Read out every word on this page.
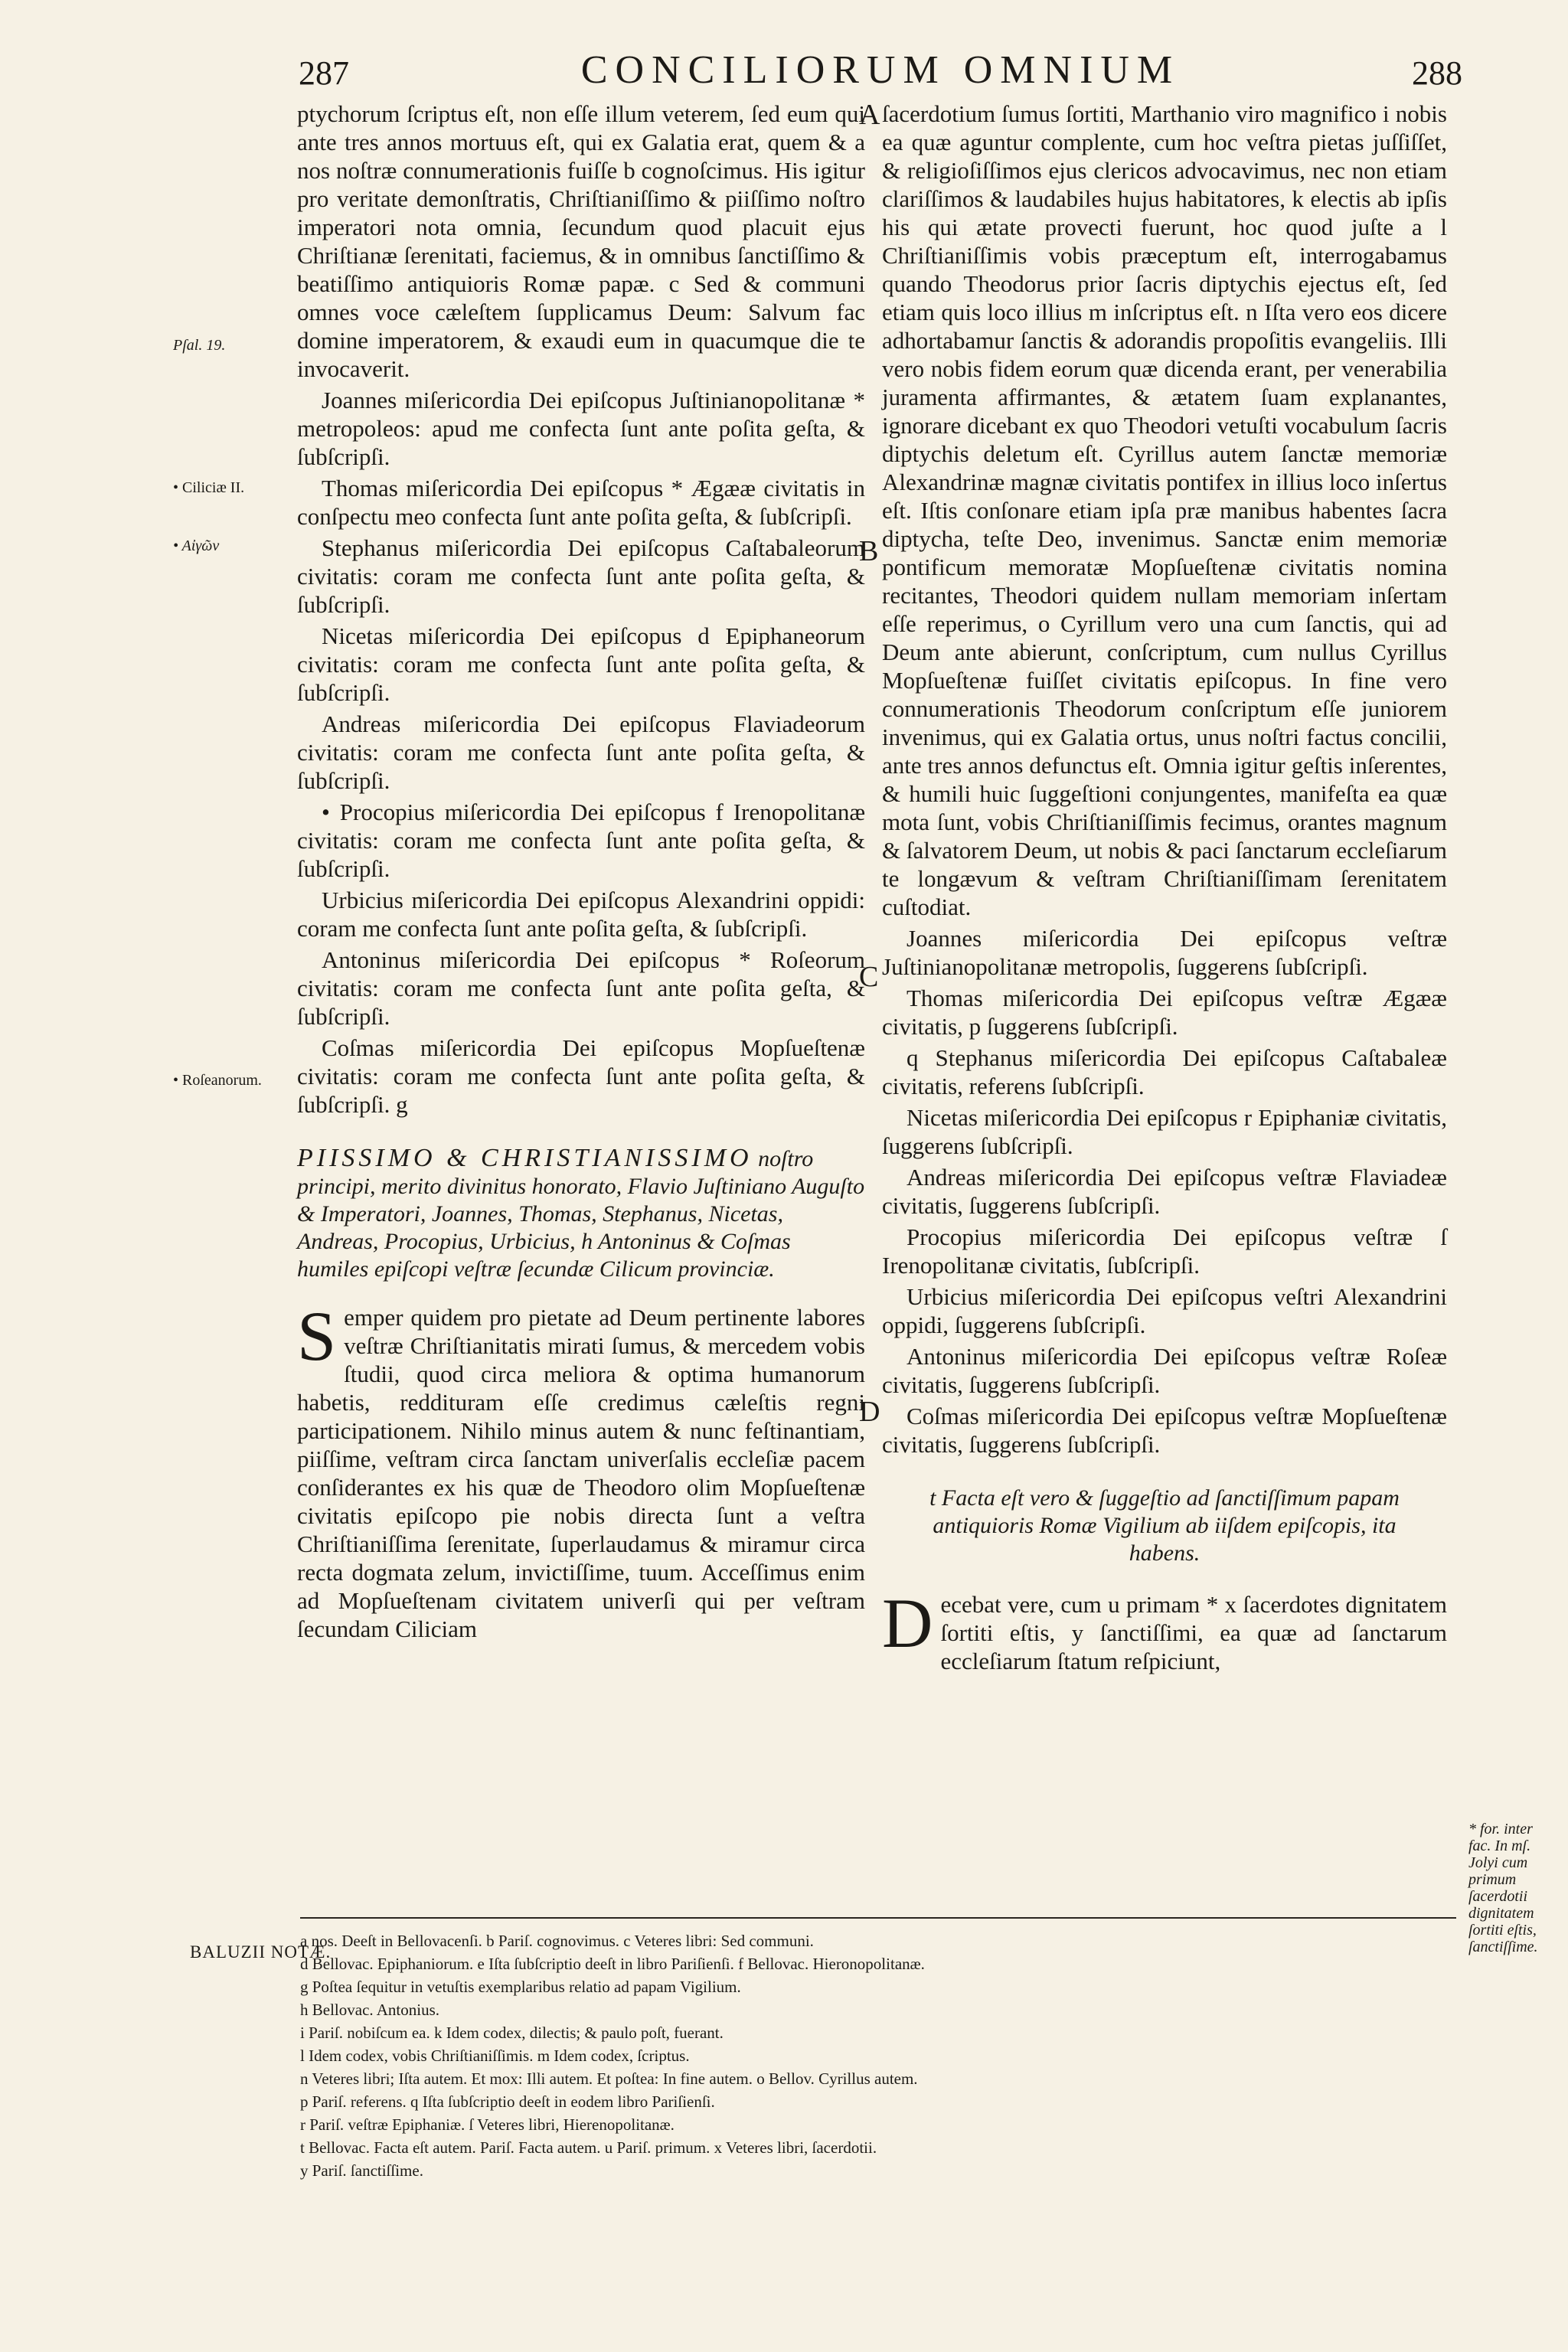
287	CONCILIORUM OMNIUM	288
A
B
C
D
Pſal. 19.
• Ciliciæ II.
• Αἰγῶν
• Roſeanorum.
* for. inter fac. In mſ. Jolyi cum primum ſacerdotii dignitatem ſortiti eſtis, ſanctiſſime.

ptychorum ſcriptus eſt, non eſſe illum veterem, ſed eum qui ante tres annos mortuus eſt, qui ex Galatia erat, quem & a nos noſtræ connumerationis fuiſſe b cognoſcimus. His igitur pro veritate demonſtratis, Chriſtianiſſimo & piiſſimo noſtro imperatori nota omnia, ſecundum quod placuit ejus Chriſtianæ ſerenitati, faciemus, & in omnibus ſanctiſſimo & beatiſſimo antiquioris Romæ papæ. c Sed & communi omnes voce cæleſtem ſupplicamus Deum: Salvum fac domine imperatorem, & exaudi eum in quacumque die te invocaverit.

Joannes miſericordia Dei epiſcopus Juſtinianopolitanæ * metropoleos: apud me confecta ſunt ante poſita geſta, & ſubſcripſi.

Thomas miſericordia Dei epiſcopus * Ægææ civitatis in conſpectu meo confecta ſunt ante poſita geſta, & ſubſcripſi.

Stephanus miſericordia Dei epiſcopus Caſtabaleorum civitatis: coram me confecta ſunt ante poſita geſta, & ſubſcripſi.

Nicetas miſericordia Dei epiſcopus d Epiphaneorum civitatis: coram me confecta ſunt ante poſita geſta, & ſubſcripſi.

Andreas miſericordia Dei epiſcopus Flaviadeorum civitatis: coram me confecta ſunt ante poſita geſta, & ſubſcripſi.

• Procopius miſericordia Dei epiſcopus f Irenopolitanæ civitatis: coram me confecta ſunt ante poſita geſta, & ſubſcripſi.

Urbicius miſericordia Dei epiſcopus Alexandrini oppidi: coram me confecta ſunt ante poſita geſta, & ſubſcripſi.

Antoninus miſericordia Dei epiſcopus * Roſeorum civitatis: coram me confecta ſunt ante poſita geſta, & ſubſcripſi.

Coſmas miſericordia Dei epiſcopus Mopſueſtenæ civitatis: coram me confecta ſunt ante poſita geſta, & ſubſcripſi. g

PIISSIMO & CHRISTIANISSIMO noſtro principi, merito divinitus honorato, Flavio Juſtiniano Auguſto & Imperatori, Joannes, Thomas, Stephanus, Nicetas, Andreas, Procopius, Urbicius, h Antoninus & Coſmas humiles epiſcopi veſtræ ſecundæ Cilicum provinciæ.

Semper quidem pro pietate ad Deum pertinente labores veſtræ Chriſtianitatis mirati ſumus, & mercedem vobis ſtudii, quod circa meliora & optima humanorum habetis, reddituram eſſe credimus cæleſtis regni participationem. Nihilo minus autem & nunc feſtinantiam, piiſſime, veſtram circa ſanctam univerſalis eccleſiæ pacem conſiderantes ex his quæ de Theodoro olim Mopſueſtenæ civitatis epiſcopo pie nobis directa ſunt a veſtra Chriſtianiſſima ſerenitate, ſuperlaudamus & miramur circa recta dogmata zelum, invictiſſime, tuum. Acceſſimus enim ad Mopſueſtenam civitatem univerſi qui per veſtram ſecundam Ciliciam

ſacerdotium ſumus ſortiti, Marthanio viro magnifico i nobis ea quæ aguntur complente, cum hoc veſtra pietas juſſiſſet, & religioſiſſimos ejus clericos advocavimus, nec non etiam clariſſimos & laudabiles hujus habitatores, k electis ab ipſis his qui ætate provecti fuerunt, hoc quod juſte a l Chriſtianiſſimis vobis præceptum eſt, interrogabamus quando Theodorus prior ſacris diptychis ejectus eſt, ſed etiam quis loco illius m inſcriptus eſt. n Iſta vero eos dicere adhortabamur ſanctis & adorandis propoſitis evangeliis. Illi vero nobis fidem eorum quæ dicenda erant, per venerabilia juramenta affirmantes, & ætatem ſuam explanantes, ignorare dicebant ex quo Theodori vetuſti vocabulum ſacris diptychis deletum eſt. Cyrillus autem ſanctæ memoriæ Alexandrinæ magnæ civitatis pontifex in illius loco inſertus eſt. Iſtis conſonare etiam ipſa præ manibus habentes ſacra diptycha, teſte Deo, invenimus. Sanctæ enim memoriæ pontificum memoratæ Mopſueſtenæ civitatis nomina recitantes, Theodori quidem nullam memoriam inſertam eſſe reperimus, o Cyrillum vero una cum ſanctis, qui ad Deum ante abierunt, conſcriptum, cum nullus Cyrillus Mopſueſtenæ fuiſſet civitatis epiſcopus. In fine vero connumerationis Theodorum conſcriptum eſſe juniorem invenimus, qui ex Galatia ortus, unus noſtri factus concilii, ante tres annos defunctus eſt. Omnia igitur geſtis inſerentes, & humili huic ſuggeſtioni conjungentes, manifeſta ea quæ mota ſunt, vobis Chriſtianiſſimis fecimus, orantes magnum & ſalvatorem Deum, ut nobis & paci ſanctarum eccleſiarum te longævum & veſtram Chriſtianiſſimam ſerenitatem cuſtodiat.

Joannes miſericordia Dei epiſcopus veſtræ Juſtinianopolitanæ metropolis, ſuggerens ſubſcripſi.

Thomas miſericordia Dei epiſcopus veſtræ Ægææ civitatis, p ſuggerens ſubſcripſi.

q Stephanus miſericordia Dei epiſcopus Caſtabaleæ civitatis, referens ſubſcripſi.

Nicetas miſericordia Dei epiſcopus r Epiphaniæ civitatis, ſuggerens ſubſcripſi.

Andreas miſericordia Dei epiſcopus veſtræ Flaviadeæ civitatis, ſuggerens ſubſcripſi.

Procopius miſericordia Dei epiſcopus veſtræ ſ Irenopolitanæ civitatis, ſubſcripſi.

Urbicius miſericordia Dei epiſcopus veſtri Alexandrini oppidi, ſuggerens ſubſcripſi.

Antoninus miſericordia Dei epiſcopus veſtræ Roſeæ civitatis, ſuggerens ſubſcripſi.

Coſmas miſericordia Dei epiſcopus veſtræ Mopſueſtenæ civitatis, ſuggerens ſubſcripſi.

t Facta eſt vero & ſuggeſtio ad ſanctiſſimum papam antiquioris Romæ Vigilium ab iiſdem epiſcopis, ita habens.

Decebat vere, cum u primam * x ſacerdotes dignitatem ſortiti eſtis, y ſanctiſſimi, ea quæ ad ſanctarum eccleſiarum ſtatum reſpiciunt,

BALUZII NOTÆ.
a nos. Deeſt in Bellovacenſi. b Pariſ. cognovimus. c Veteres libri: Sed communi.
d Bellovac. Epiphaniorum. e Iſta ſubſcriptio deeſt in libro Pariſienſi. f Bellovac. Hieronopolitanæ.
g Poſtea ſequitur in vetuſtis exemplaribus relatio ad papam Vigilium.
h Bellovac. Antonius.
i Pariſ. nobiſcum ea. k Idem codex, dilectis; & paulo poſt, fuerant.
l Idem codex, vobis Chriſtianiſſimis. m Idem codex, ſcriptus.
n Veteres libri; Iſta autem. Et mox: Illi autem. Et poſtea: In fine autem. o Bellov. Cyrillus autem.
p Pariſ. referens. q Iſta ſubſcriptio deeſt in eodem libro Pariſienſi.
r Pariſ. veſtræ Epiphaniæ. ſ Veteres libri, Hierenopolitanæ.
t Bellovac. Facta eſt autem. Pariſ. Facta autem. u Pariſ. primum. x Veteres libri, ſacerdotii.
y Pariſ. ſanctiſſime.
